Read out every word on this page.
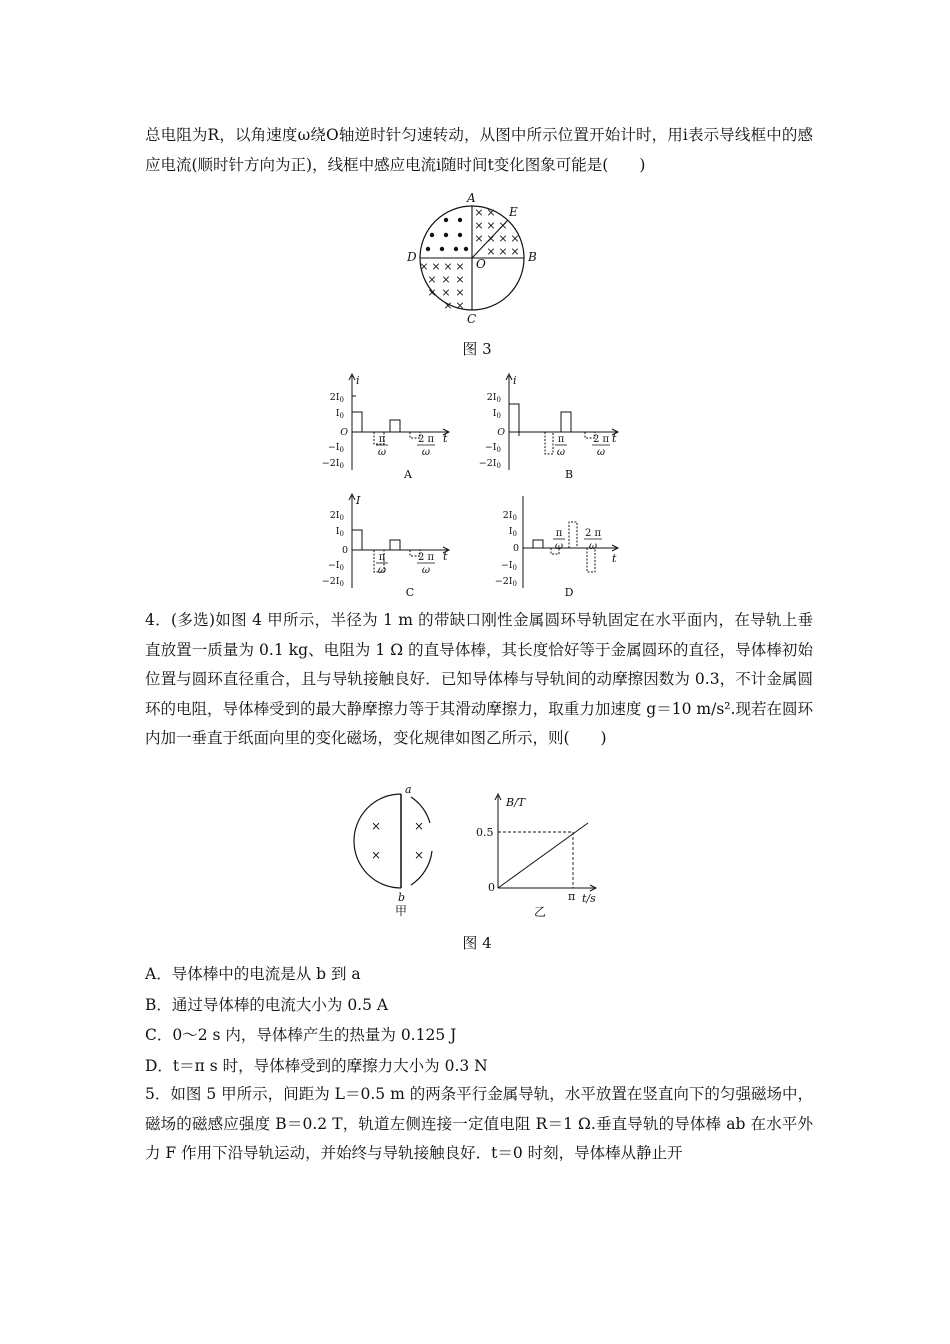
总电阻为R，以角速度ω绕O轴逆时针匀速转动，从图中所示位置开始计时，用i表示导线框中的感应电流(顺时针方向为正)，线框中感应电流i随时间t变化图象可能是(　　)
× ×
× × ×
× × × ×
× × ×
× × × ×
× × ×
× × ×
× ×
A
E
B
D	O
C
图 3
i
t
$2I_0$
$I_0$
O
$-I_0$
$-2I_0$
π
ω
2 π
ω
A
i
t
$2I_0$
$I_0$
O
$-I_0$
$-2I_0$
π
ω
2 π
ω
B
I
t
$2I_0$
$I_0$
0
$-I_0$
$-2I_0$
π
ω
2 π
ω
C
t
$2I_0$
$I_0$
0
$-I_0$
$-2I_0$
π
ω
2 π
ω
D
4．(多选)如图 4 甲所示，半径为 1 m 的带缺口刚性金属圆环导轨固定在水平面内，在导轨上垂直放置一质量为 0.1 kg、电阻为 1 Ω 的直导体棒，其长度恰好等于金属圆环的直径，导体棒初始位置与圆环直径重合，且与导轨接触良好．已知导体棒与导轨间的动摩擦因数为 0.3，不计金属圆环的电阻，导体棒受到的最大静摩擦力等于其滑动摩擦力，取重力加速度 g＝10 m/s².现若在圆环内加一垂直于纸面向里的变化磁场，变化规律如图乙所示，则(　　)
×	×
×	×
a
b
甲
B/T
0.5
0
π t/s
乙
图 4
A．导体棒中的电流是从 b 到 a
B．通过导体棒的电流大小为 0.5 A
C．0～2 s 内，导体棒产生的热量为 0.125 J
D．t＝π s 时，导体棒受到的摩擦力大小为 0.3 N
5．如图 5 甲所示，间距为 L＝0.5 m 的两条平行金属导轨，水平放置在竖直向下的匀强磁场中，磁场的磁感应强度 B＝0.2 T，轨道左侧连接一定值电阻 R＝1 Ω.垂直导轨的导体棒 ab 在水平外力 F 作用下沿导轨运动，并始终与导轨接触良好．t＝0 时刻，导体棒从静止开
